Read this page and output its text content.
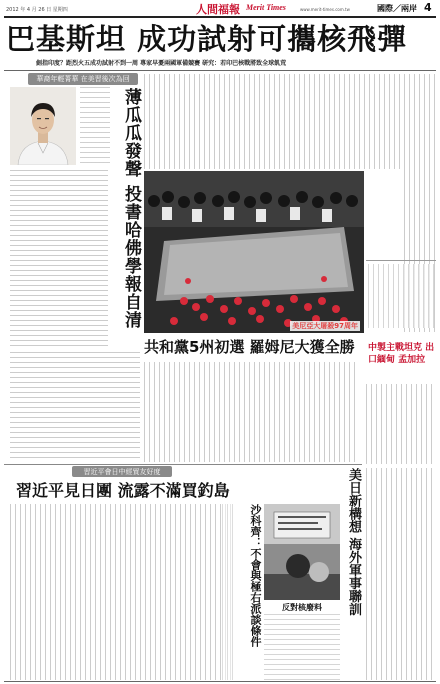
2012 年 4 月 26 日 星期四	人間福報 Merit Times	www.merit-times.com.tw	國際／兩岸 4
巴基斯坦 成功試射可攜核飛彈
劍指印度？距烈火五成功試射不到一周 專家早憂兩國軍備競賽 研究：若印巴核戰將致全球飢荒
華裔年輕菁華 在美習後次為回
薄瓜瓜發聲 投書哈佛學報自清	美尼亞大屠殺97周年
共和黨5州初選 羅姆尼大獲全勝 中製主戰坦克 出口緬甸 孟加拉
習近平會日中經貿友好度
習近平見日團 流露不滿買釣島
沙科齊：不會與極右派談條件	反對核廢料	美日新構想 海外軍事聯訓
